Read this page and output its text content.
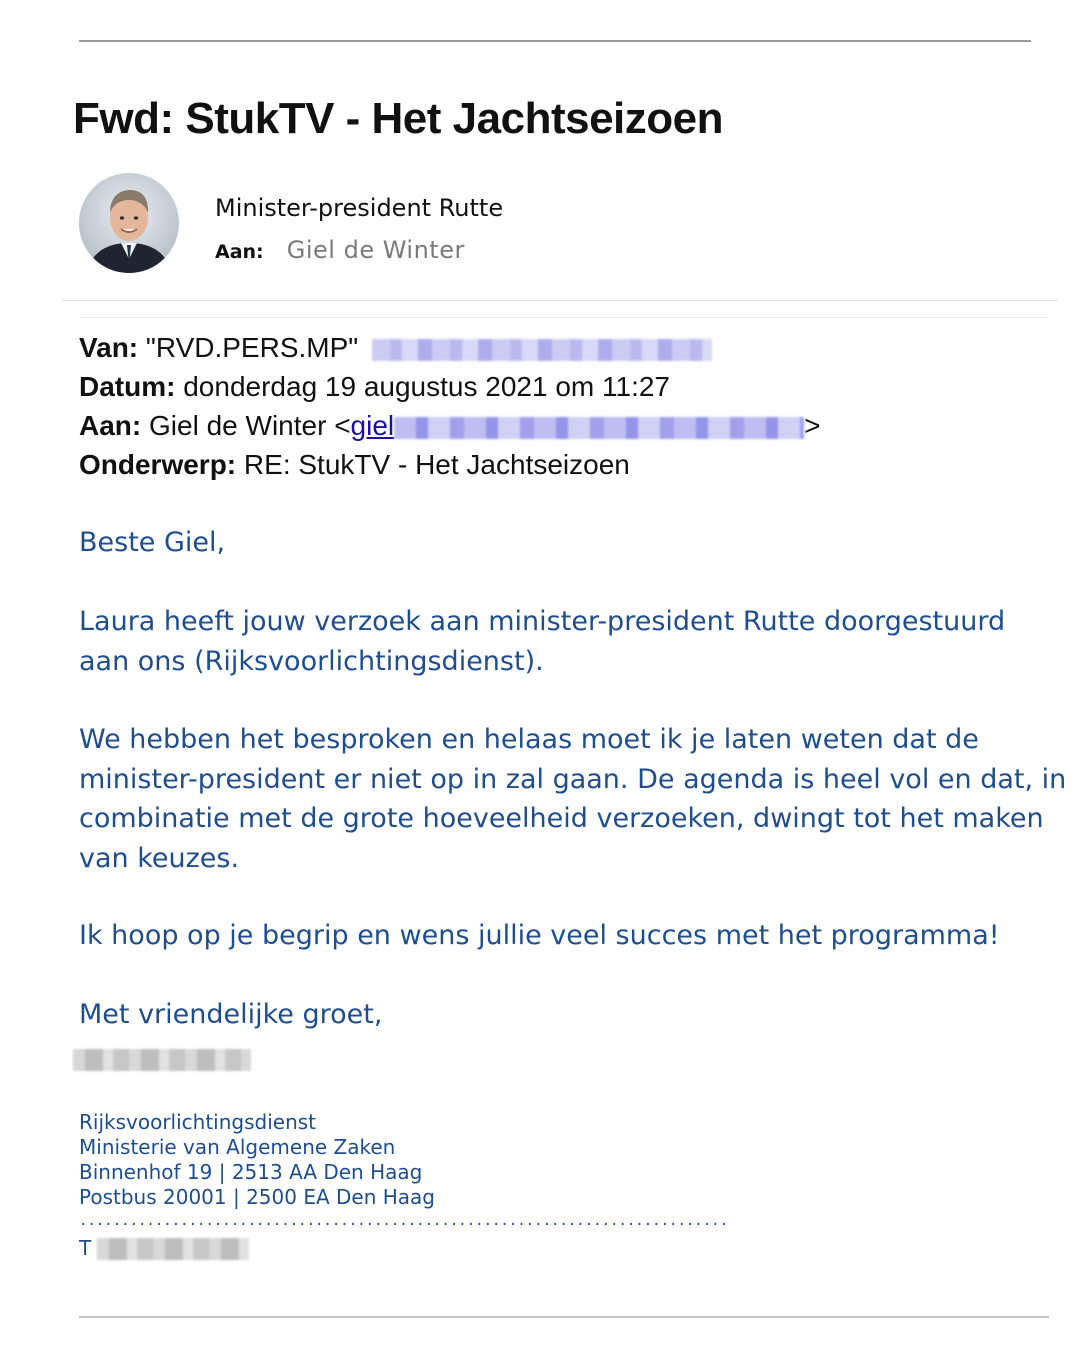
Fwd: StukTV - Het Jachtseizoen
Minister-president Rutte
Aan: Giel de Winter
Van: "RVD.PERS.MP"
Datum: donderdag 19 augustus 2021 om 11:27
Aan: Giel de Winter <giel	>
Onderwerp: RE: StukTV - Het Jachtseizoen

Beste Giel,

Laura heeft jouw verzoek aan minister-president Rutte doorgestuurd aan ons (Rijksvoorlichtingsdienst).

We hebben het besproken en helaas moet ik je laten weten dat de minister-president er niet op in zal gaan. De agenda is heel vol en dat, in combinatie met de grote hoeveelheid verzoeken, dwingt tot het maken van keuzes.

Ik hoop op je begrip en wens jullie veel succes met het programma!

Met vriendelijke groet,

Rijksvoorlichtingsdienst
Ministerie van Algemene Zaken
Binnenhof 19 | 2513 AA Den Haag
Postbus 20001 | 2500 EA Den Haag
.............................................................................
T
